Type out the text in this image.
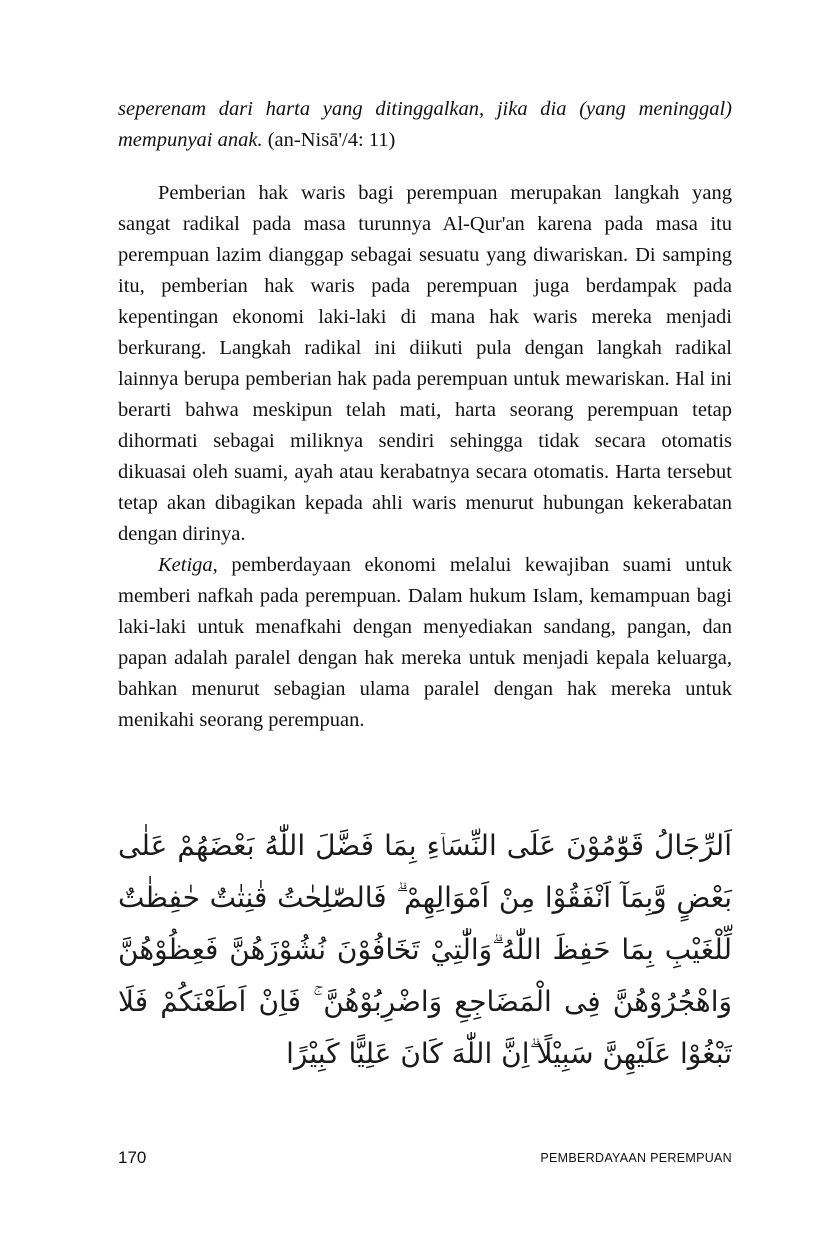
seperenam dari harta yang ditinggalkan, jika dia (yang meninggal) mempunyai anak. (an-Nisā'/4: 11)

Pemberian hak waris bagi perempuan merupakan langkah yang sangat radikal pada masa turunnya Al-Qur'an karena pada masa itu perempuan lazim dianggap sebagai sesuatu yang diwariskan. Di samping itu, pemberian hak waris pada perempuan juga berdampak pada kepentingan ekonomi laki-laki di mana hak waris mereka menjadi berkurang. Langkah radikal ini diikuti pula dengan langkah radikal lainnya berupa pemberian hak pada perempuan untuk mewariskan. Hal ini berarti bahwa meskipun telah mati, harta seorang perempuan tetap dihormati sebagai miliknya sendiri sehingga tidak secara otomatis dikuasai oleh suami, ayah atau kerabatnya secara otomatis. Harta tersebut tetap akan dibagikan kepada ahli waris menurut hubungan kekerabatan dengan dirinya.

Ketiga, pemberdayaan ekonomi melalui kewajiban suami untuk memberi nafkah pada perempuan. Dalam hukum Islam, kemampuan bagi laki-laki untuk menafkahi dengan menyediakan sandang, pangan, dan papan adalah paralel dengan hak mereka untuk menjadi kepala keluarga, bahkan menurut sebagian ulama paralel dengan hak mereka untuk menikahi seorang perempuan.

اَلرِّجَالُ قَوّٰمُوْنَ عَلَى النِّسَاۤءِ بِمَا فَضَّلَ اللّٰهُ بَعْضَهُمْ عَلٰى بَعْضٍ وَّبِمَآ اَنْفَقُوْا مِنْ اَمْوَالِهِمْ ۗ فَالصّٰلِحٰتُ قٰنِتٰتٌ حٰفِظٰتٌ لِّلْغَيْبِ بِمَا حَفِظَ اللّٰهُ ۗوَالّٰتِيْ تَخَافُوْنَ نُشُوْزَهُنَّ فَعِظُوْهُنَّ وَاهْجُرُوْهُنَّ فِى الْمَضَاجِعِ وَاضْرِبُوْهُنَّ ۚ فَاِنْ اَطَعْنَكُمْ فَلَا تَبْغُوْا عَلَيْهِنَّ سَبِيْلًا ۗاِنَّ اللّٰهَ كَانَ عَلِيًّا كَبِيْرًا
170	PEMBERDAYAAN PEREMPUAN
